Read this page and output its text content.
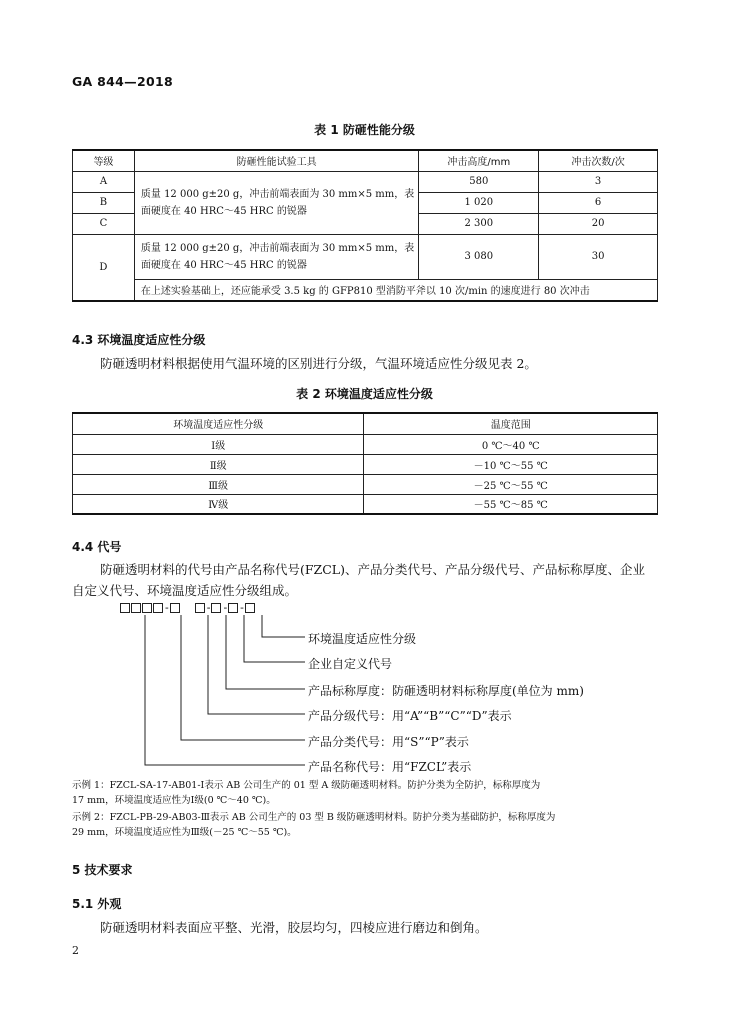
GA 844—2018
表 1 防砸性能分级
等级	防砸性能试验工具	冲击高度/mm	冲击次数/次
A	质量 12 000 g±20 g，冲击前端表面为 30 mm×5 mm，表面硬度在 40 HRC～45 HRC 的锐器	580	3
B		1 020	6
C		2 300	20
D	质量 12 000 g±20 g，冲击前端表面为 30 mm×5 mm，表面硬度在 40 HRC～45 HRC 的锐器	3 080	30
	在上述实验基础上，还应能承受 3.5 kg 的 GFP810 型消防平斧以 10 次/min 的速度进行 80 次冲击		
4.3 环境温度适应性分级
防砸透明材料根据使用气温环境的区别进行分级，气温环境适应性分级见表 2。
表 2 环境温度适应性分级
环境温度适应性分级	温度范围
Ⅰ级	0 ℃～40 ℃
Ⅱ级	－10 ℃～55 ℃
Ⅲ级	－25 ℃～55 ℃
Ⅳ级	－55 ℃～85 ℃
4.4 代号
防砸透明材料的代号由产品名称代号(FZCL)、产品分类代号、产品分级代号、产品标称厚度、企业
自定义代号、环境温度适应性分级组成。
-	- - -
环境温度适应性分级
企业自定义代号
产品标称厚度：防砸透明材料标称厚度(单位为 mm)
产品分级代号：用“A”“B”“C”“D”表示
产品分类代号：用“S”“P”表示
产品名称代号：用“FZCL”表示
示例 1：FZCL-SA-17-AB01-Ⅰ表示 AB 公司生产的 01 型 A 级防砸透明材料。防护分类为全防护，标称厚度为
17 mm，环境温度适应性为Ⅰ级(0 ℃～40 ℃)。
示例 2：FZCL-PB-29-AB03-Ⅲ表示 AB 公司生产的 03 型 B 级防砸透明材料。防护分类为基础防护，标称厚度为
29 mm，环境温度适应性为Ⅲ级(－25 ℃～55 ℃)。
5 技术要求
5.1 外观
防砸透明材料表面应平整、光滑，胶层均匀，四棱应进行磨边和倒角。
2
